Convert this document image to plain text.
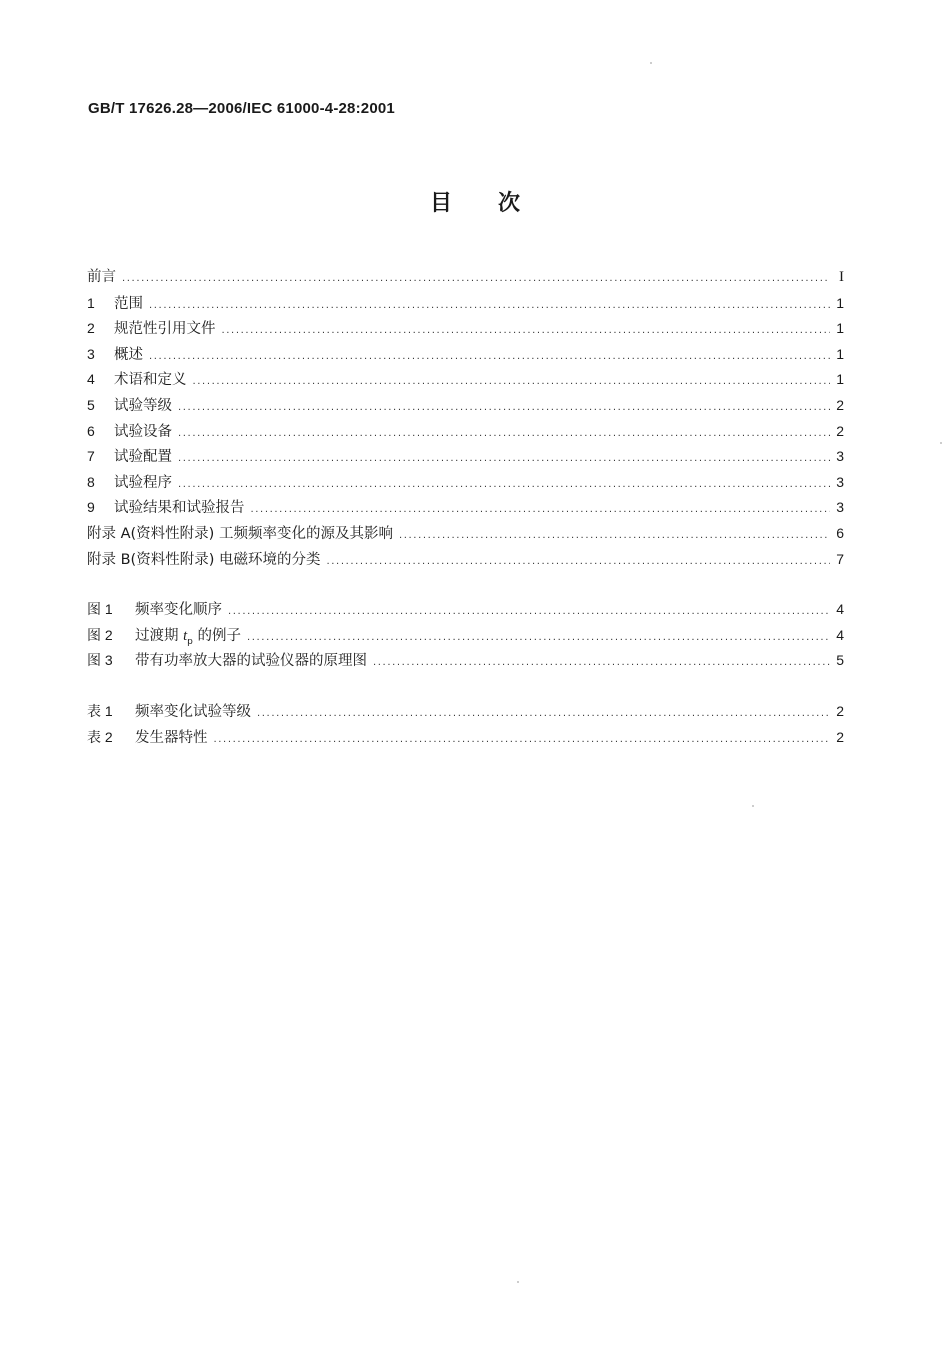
GB/T 17626.28—2006/IEC 61000-4-28:2001
目次
前言 .....	I
1	范围 .....	1
2	规范性引用文件 .....	1
3	概述 .....	1
4	术语和定义 .....	1
5	试验等级 .....	2
6	试验设备 .....	2
7	试验配置 .....	3
8	试验程序 .....	3
9	试验结果和试验报告 .....	3
附录 A(资料性附录) 工频频率变化的源及其影响 .....	6
附录 B(资料性附录) 电磁环境的分类 .....	7
图 1	频率变化顺序 .....	4
图 2	过渡期 $t_p$ 的例子 .....	4
图 3	带有功率放大器的试验仪器的原理图 .....	5
表 1	频率变化试验等级 .....	2
表 2	发生器特性 .....	2
